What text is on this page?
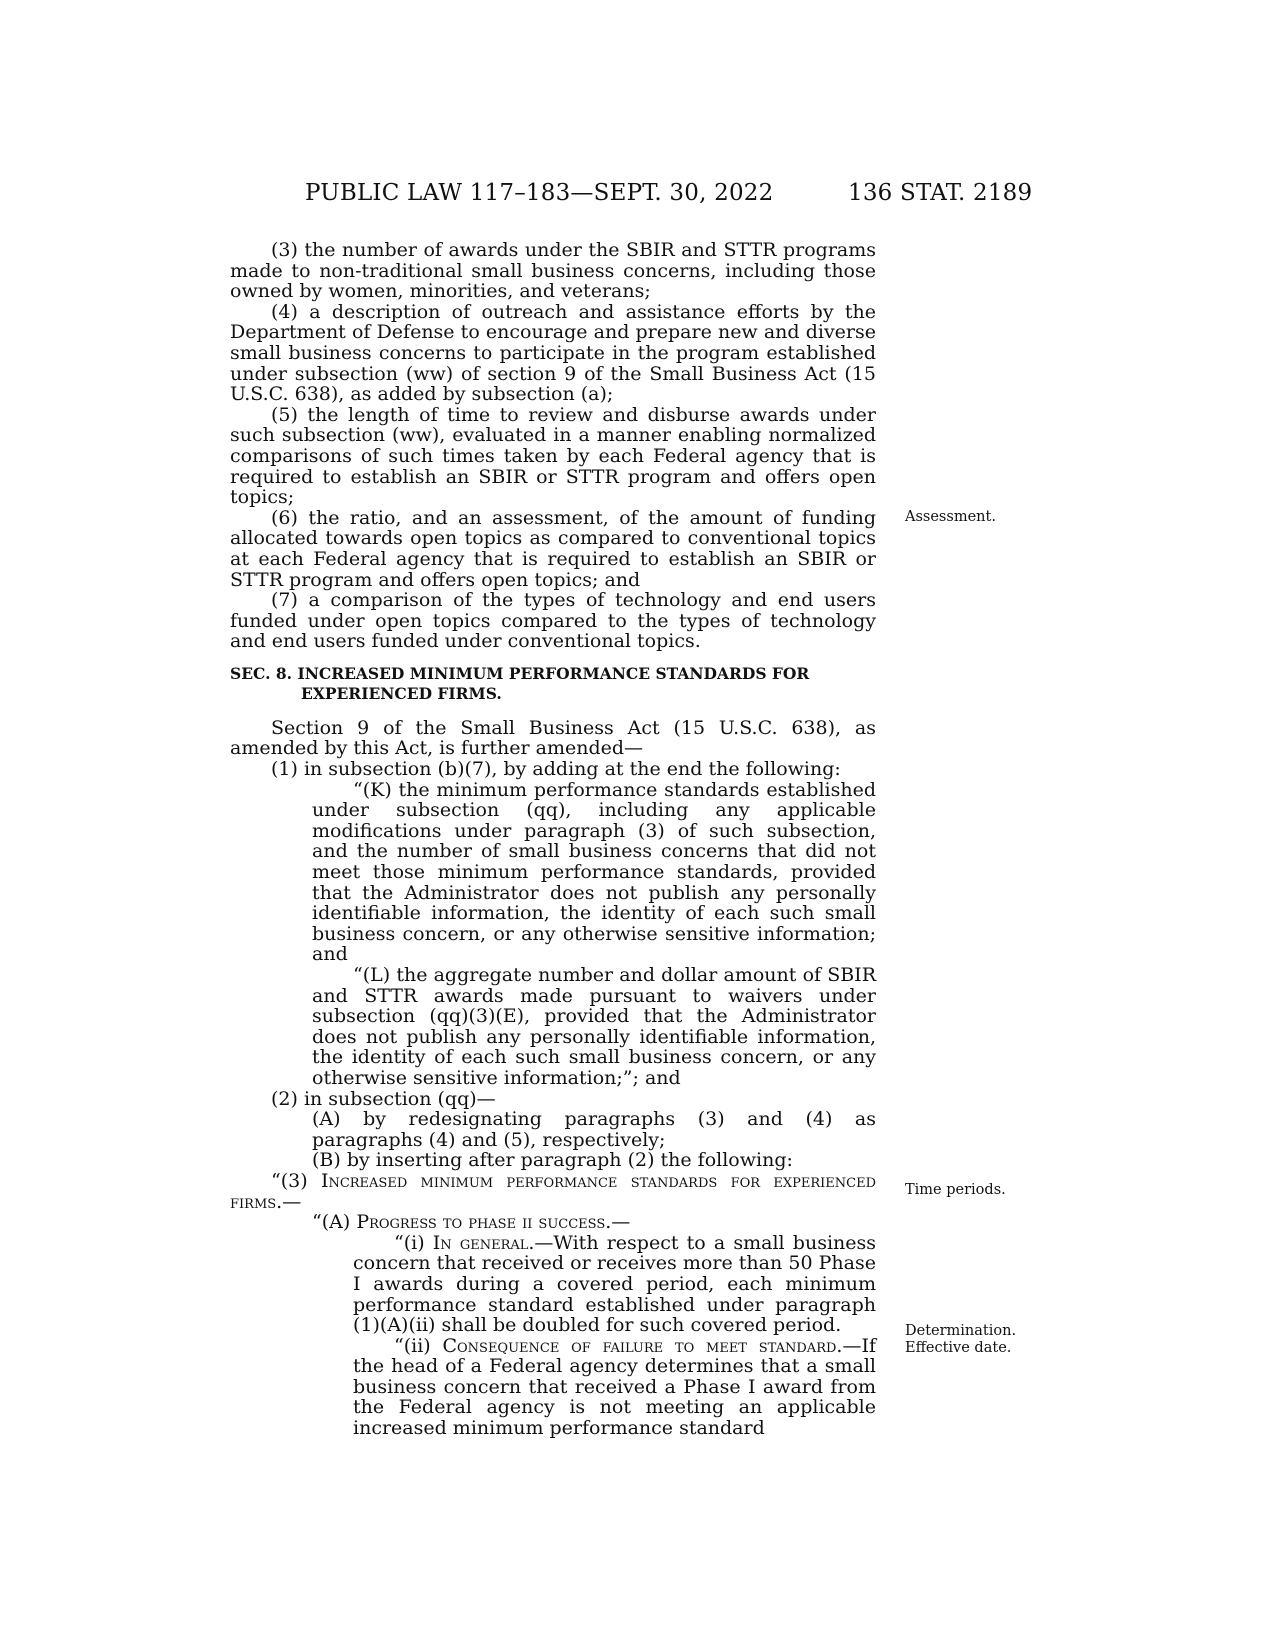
PUBLIC LAW 117–183—SEPT. 30, 2022	136 STAT. 2189

(3) the number of awards under the SBIR and STTR programs made to non-traditional small business concerns, including those owned by women, minorities, and veterans;

(4) a description of outreach and assistance efforts by the Department of Defense to encourage and prepare new and diverse small business concerns to participate in the program established under subsection (ww) of section 9 of the Small Business Act (15 U.S.C. 638), as added by subsection (a);

(5) the length of time to review and disburse awards under such subsection (ww), evaluated in a manner enabling normalized comparisons of such times taken by each Federal agency that is required to establish an SBIR or STTR program and offers open topics;

(6) the ratio, and an assessment, of the amount of funding allocated towards open topics as compared to conventional topics at each Federal agency that is required to establish an SBIR or STTR program and offers open topics; and

(7) a comparison of the types of technology and end users funded under open topics compared to the types of technology and end users funded under conventional topics.

SEC. 8. INCREASED MINIMUM PERFORMANCE STANDARDS FOR
EXPERIENCED FIRMS.

Section 9 of the Small Business Act (15 U.S.C. 638), as amended by this Act, is further amended—

(1) in subsection (b)(7), by adding at the end the following:

“(K) the minimum performance standards established under subsection (qq), including any applicable modifications under paragraph (3) of such subsection, and the number of small business concerns that did not meet those minimum performance standards, provided that the Administrator does not publish any personally identifiable information, the identity of each such small business concern, or any otherwise sensitive information; and

“(L) the aggregate number and dollar amount of SBIR and STTR awards made pursuant to waivers under subsection (qq)(3)(E), provided that the Administrator does not publish any personally identifiable information, the identity of each such small business concern, or any otherwise sensitive information;”; and

(2) in subsection (qq)—

(A) by redesignating paragraphs (3) and (4) as paragraphs (4) and (5), respectively;

(B) by inserting after paragraph (2) the following:

“(3) Increased minimum performance standards for experienced firms.—

“(A) Progress to phase ii success.—

“(i) In general.—With respect to a small business concern that received or receives more than 50 Phase I awards during a covered period, each minimum performance standard established under paragraph (1)(A)(ii) shall be doubled for such covered period.

“(ii) Consequence of failure to meet standard.—If the head of a Federal agency determines that a small business concern that received a Phase I award from the Federal agency is not meeting an applicable increased minimum performance standard

Assessment.
Time periods.
Determination.
Effective date.
